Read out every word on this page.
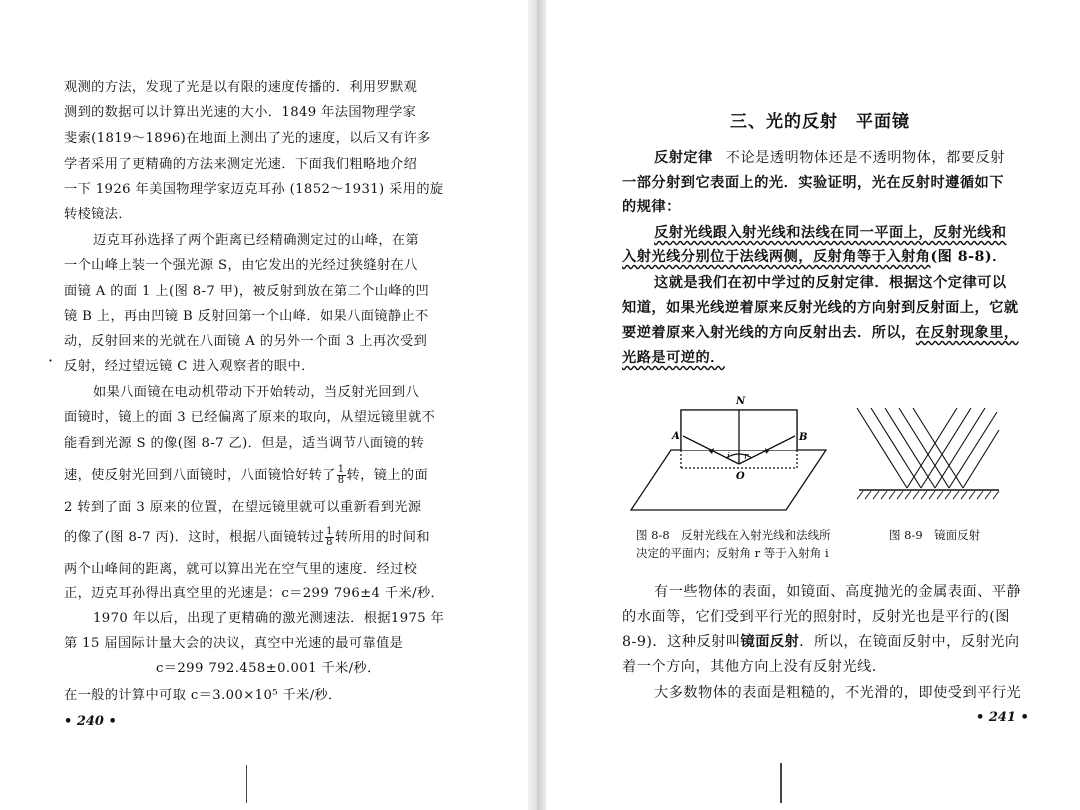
观测的方法，发现了光是以有限的速度传播的．利用罗默观
测到的数据可以计算出光速的大小．1849 年法国物理学家
斐索(1819～1896)在地面上测出了光的速度，以后又有许多
学者采用了更精确的方法来测定光速．下面我们粗略地介绍
一下 1926 年美国物理学家迈克耳孙 (1852～1931) 采用的旋
转棱镜法．
迈克耳孙选择了两个距离已经精确测定过的山峰，在第
一个山峰上装一个强光源 S，由它发出的光经过狭缝射在八
面镜 A 的面 1 上(图 8-7 甲)，被反射到放在第二个山峰的凹
镜 B 上，再由凹镜 B 反射回第一个山峰．如果八面镜静止不
动，反射回来的光就在八面镜 A 的另外一个面 3 上再次受到
反射，经过望远镜 C 进入观察者的眼中．
·
如果八面镜在电动机带动下开始转动，当反射光回到八
面镜时，镜上的面 3 已经偏离了原来的取向，从望远镜里就不
能看到光源 S 的像(图 8-7 乙)．但是，适当调节八面镜的转
速，使反射光回到八面镜时，八面镜恰好转了 $\frac{1}{8}$ 转，镜上的面
2 转到了面 3 原来的位置，在望远镜里就可以重新看到光源
的像了(图 8-7 丙)．这时，根据八面镜转过 $\frac{1}{8}$ 转所用的时间和
两个山峰间的距离，就可以算出光在空气里的速度．经过校
正，迈克耳孙得出真空里的光速是：c＝299 796±4 千米/秒．
1970 年以后，出现了更精确的激光测速法．根据1975 年
第 15 届国际计量大会的决议，真空中光速的最可靠值是
c＝299 792.458±0.001 千米/秒．
在一般的计算中可取 c＝3.00×10⁵ 千米/秒．
• 240 •
三、光的反射　平面镜
反射定律 不论是透明物体还是不透明物体，都要反射
一部分射到它表面上的光．实验证明，光在反射时遵循如下
的规律：
反射光线跟入射光线和法线在同一平面上，反射光线和
入射光线分别位于法线两侧，反射角等于入射角(图 8-8)．
这就是我们在初中学过的反射定律．根据这个定律可以
知道，如果光线逆着原来反射光线的方向射到反射面上，它就
要逆着原来入射光线的方向反射出去．所以，在反射现象里，
光路是可逆的．
N
A	B
O
i r
图 8-8　反射光线在入射光线和法线所
决定的平面内；反射角 r 等于入射角 i
图 8-9　镜面反射
有一些物体的表面，如镜面、高度抛光的金属表面、平静
的水面等，它们受到平行光的照射时，反射光也是平行的(图
8-9)．这种反射叫镜面反射．所以，在镜面反射中，反射光向
着一个方向，其他方向上没有反射光线．
大多数物体的表面是粗糙的，不光滑的，即使受到平行光
• 241 •
